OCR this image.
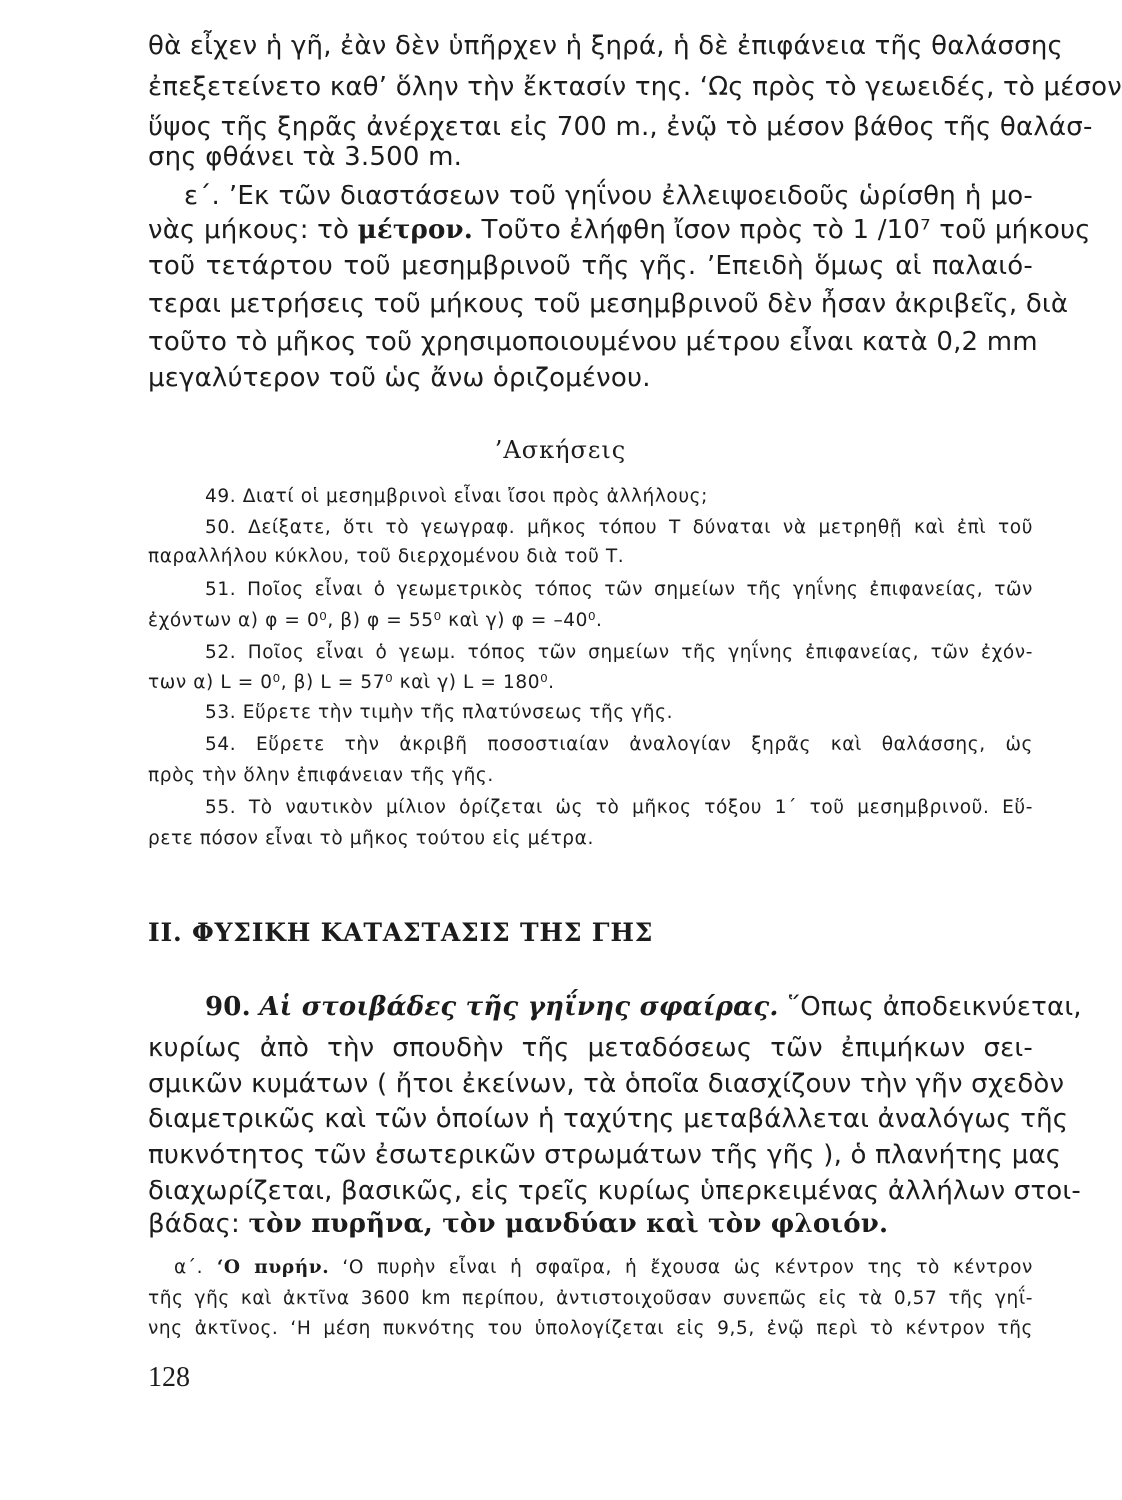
θὰ εἶχεν ἡ γῆ, ἐὰν δὲν ὑπῆρχεν ἡ ξηρά, ἡ δὲ ἐπιφάνεια τῆς θαλάσσης
ἐπεξετείνετο καθ’ ὅλην τὴν ἔκτασίν της. ‘Ως πρὸς τὸ γεωειδές, τὸ μέσον
ὕψος τῆς ξηρᾶς ἀνέρχεται εἰς 700 m., ἐνῷ τὸ μέσον βάθος τῆς θαλάσ-
σης φθάνει τὰ 3.500 m.
ε΄. ’Εκ τῶν διαστάσεων τοῦ γηΐνου ἐλλειψοειδοῦς ὡρίσθη ἡ μο-
νὰς μήκους: τὸ μέτρον. Τοῦτο ἐλήφθη ἴσον πρὸς τὸ 1 /10⁷ τοῦ μήκους
τοῦ τετάρτου τοῦ μεσημβρινοῦ τῆς γῆς. ’Επειδὴ ὅμως αἱ παλαιό-
τεραι μετρήσεις τοῦ μήκους τοῦ μεσημβρινοῦ δὲν ἦσαν ἀκριβεῖς, διὰ
τοῦτο τὸ μῆκος τοῦ χρησιμοποιουμένου μέτρου εἶναι κατὰ 0,2 mm
μεγαλύτερον τοῦ ὡς ἄνω ὁριζομένου.
’Ασκήσεις
49. Διατί οἱ μεσημβρινοὶ εἶναι ἴσοι πρὸς ἀλλήλους;
50. Δείξατε, ὅτι τὸ γεωγραφ. μῆκος τόπου Τ δύναται νὰ μετρηθῇ καὶ ἐπὶ τοῦ
παραλλήλου κύκλου, τοῦ διερχομένου διὰ τοῦ Τ.
51. Ποῖος εἶναι ὁ γεωμετρικὸς τόπος τῶν σημείων τῆς γηΐνης ἐπιφανείας, τῶν
ἐχόντων α) φ = 0⁰, β) φ = 55⁰ καὶ γ) φ = –40⁰.
52. Ποῖος εἶναι ὁ γεωμ. τόπος τῶν σημείων τῆς γηΐνης ἐπιφανείας, τῶν ἐχόν-
των α) L = 0⁰, β) L = 57⁰ καὶ γ) L = 180⁰.
53. Εὕρετε τὴν τιμὴν τῆς πλατύνσεως τῆς γῆς.
54. Εὕρετε τὴν ἀκριβῆ ποσοστιαίαν ἀναλογίαν ξηρᾶς καὶ θαλάσσης, ὡς
πρὸς τὴν ὅλην ἐπιφάνειαν τῆς γῆς.
55. Τὸ ναυτικὸν μίλιον ὁρίζεται ὡς τὸ μῆκος τόξου 1΄ τοῦ μεσημβρινοῦ. Εὕ-
ρετε πόσον εἶναι τὸ μῆκος τούτου εἰς μέτρα.
ΙΙ. ΦΥΣΙΚΗ ΚΑΤΑΣΤΑΣΙΣ ΤΗΣ ΓΗΣ
90. Αἱ στοιβάδες τῆς γηΐνης σφαίρας. ῞Οπως ἀποδεικνύεται,
κυρίως ἀπὸ τὴν σπουδὴν τῆς μεταδόσεως τῶν ἐπιμήκων σει-
σμικῶν κυμάτων ( ἤτοι ἐκείνων, τὰ ὁποῖα διασχίζουν τὴν γῆν σχεδὸν
διαμετρικῶς καὶ τῶν ὁποίων ἡ ταχύτης μεταβάλλεται ἀναλόγως τῆς
πυκνότητος τῶν ἐσωτερικῶν στρωμάτων τῆς γῆς ), ὁ πλανήτης μας
διαχωρίζεται, βασικῶς, εἰς τρεῖς κυρίως ὑπερκειμένας ἀλλήλων στοι-
βάδας: τὸν πυρῆνα, τὸν μανδύαν καὶ τὸν φλοιόν.
α΄. ‘Ο πυρήν. ‘Ο πυρὴν εἶναι ἡ σφαῖρα, ἡ ἔχουσα ὡς κέντρον της τὸ κέντρον
τῆς γῆς καὶ ἀκτῖνα 3600 km περίπου, ἀντιστοιχοῦσαν συνεπῶς εἰς τὰ 0,57 τῆς γηΐ-
νης ἀκτῖνος. ‘Η μέση πυκνότης του ὑπολογίζεται εἰς 9,5, ἐνῷ περὶ τὸ κέντρον τῆς
128
